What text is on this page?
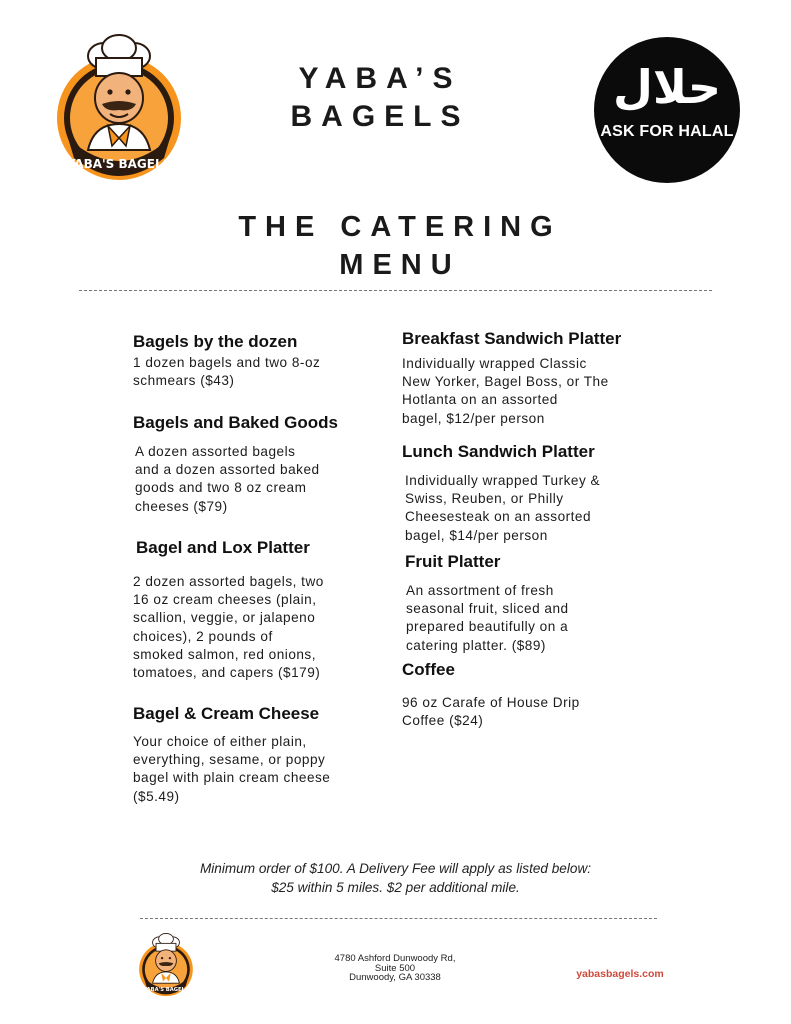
YABA'S BAGELS
YABA’S
BAGELS
حلال
ASK FOR HALAL
THE CATERING
MENU
Bagels by the dozen
1 dozen bagels and two 8-oz
schmears ($43)
Bagels and Baked Goods
A dozen assorted bagels
and a dozen assorted baked
goods and two 8 oz cream
cheeses ($79)
Bagel and Lox Platter
2 dozen assorted bagels, two
16 oz cream cheeses (plain,
scallion, veggie, or jalapeno
choices), 2 pounds of
smoked salmon, red onions,
tomatoes, and capers ($179)
Bagel & Cream Cheese
Your choice of either plain,
everything, sesame, or poppy
bagel with plain cream cheese
($5.49)
Breakfast Sandwich Platter
Individually wrapped Classic
New Yorker, Bagel Boss, or The
Hotlanta on an assorted
bagel, $12/per person
Lunch Sandwich Platter
Individually wrapped Turkey &
Swiss, Reuben, or Philly
Cheesesteak on an assorted
bagel, $14/per person
Fruit Platter
An assortment of fresh
seasonal fruit, sliced and
prepared beautifully on a
catering platter. ($89)
Coffee
96 oz Carafe of House Drip
Coffee ($24)
Minimum order of $100. A Delivery Fee will apply as listed below:
$25 within 5 miles. $2 per additional mile.
YABA'S BAGELS
4780 Ashford Dunwoody Rd,
Suite 500
Dunwoody, GA 30338	yabasbagels.com
